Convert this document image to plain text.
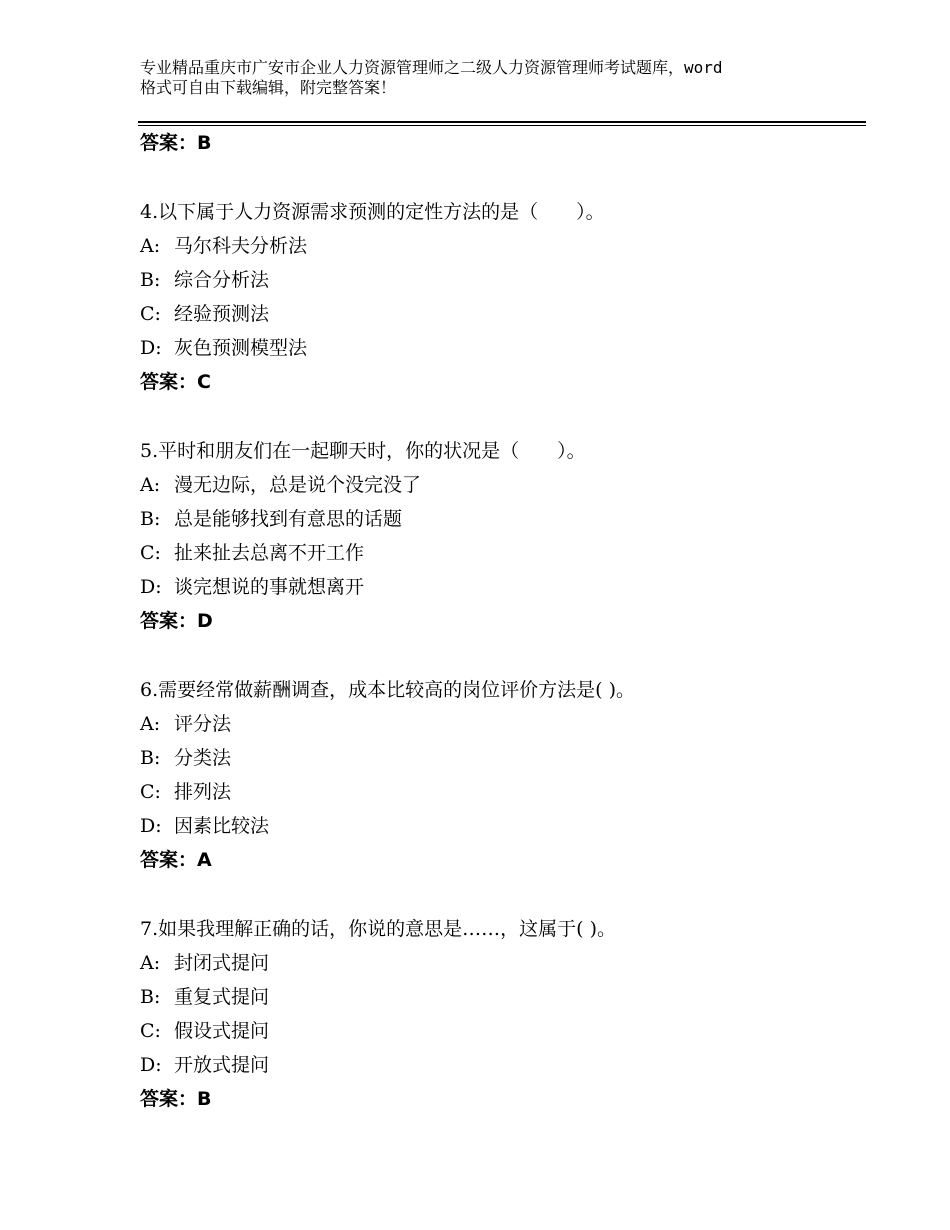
专业精品重庆市广安市企业人力资源管理师之二级人力资源管理师考试题库，word
格式可自由下载编辑，附完整答案！
答案：B
4.以下属于人力资源需求预测的定性方法的是（　　）。
A: 马尔科夫分析法
B: 综合分析法
C: 经验预测法
D: 灰色预测模型法
答案：C
5.平时和朋友们在一起聊天时，你的状况是（　　）。
A: 漫无边际，总是说个没完没了
B: 总是能够找到有意思的话题
C: 扯来扯去总离不开工作
D: 谈完想说的事就想离开
答案：D
6.需要经常做薪酬调查，成本比较高的岗位评价方法是( )。
A: 评分法
B: 分类法
C: 排列法
D: 因素比较法
答案：A
7.如果我理解正确的话，你说的意思是……，这属于( )。
A: 封闭式提问
B: 重复式提问
C: 假设式提问
D: 开放式提问
答案：B
